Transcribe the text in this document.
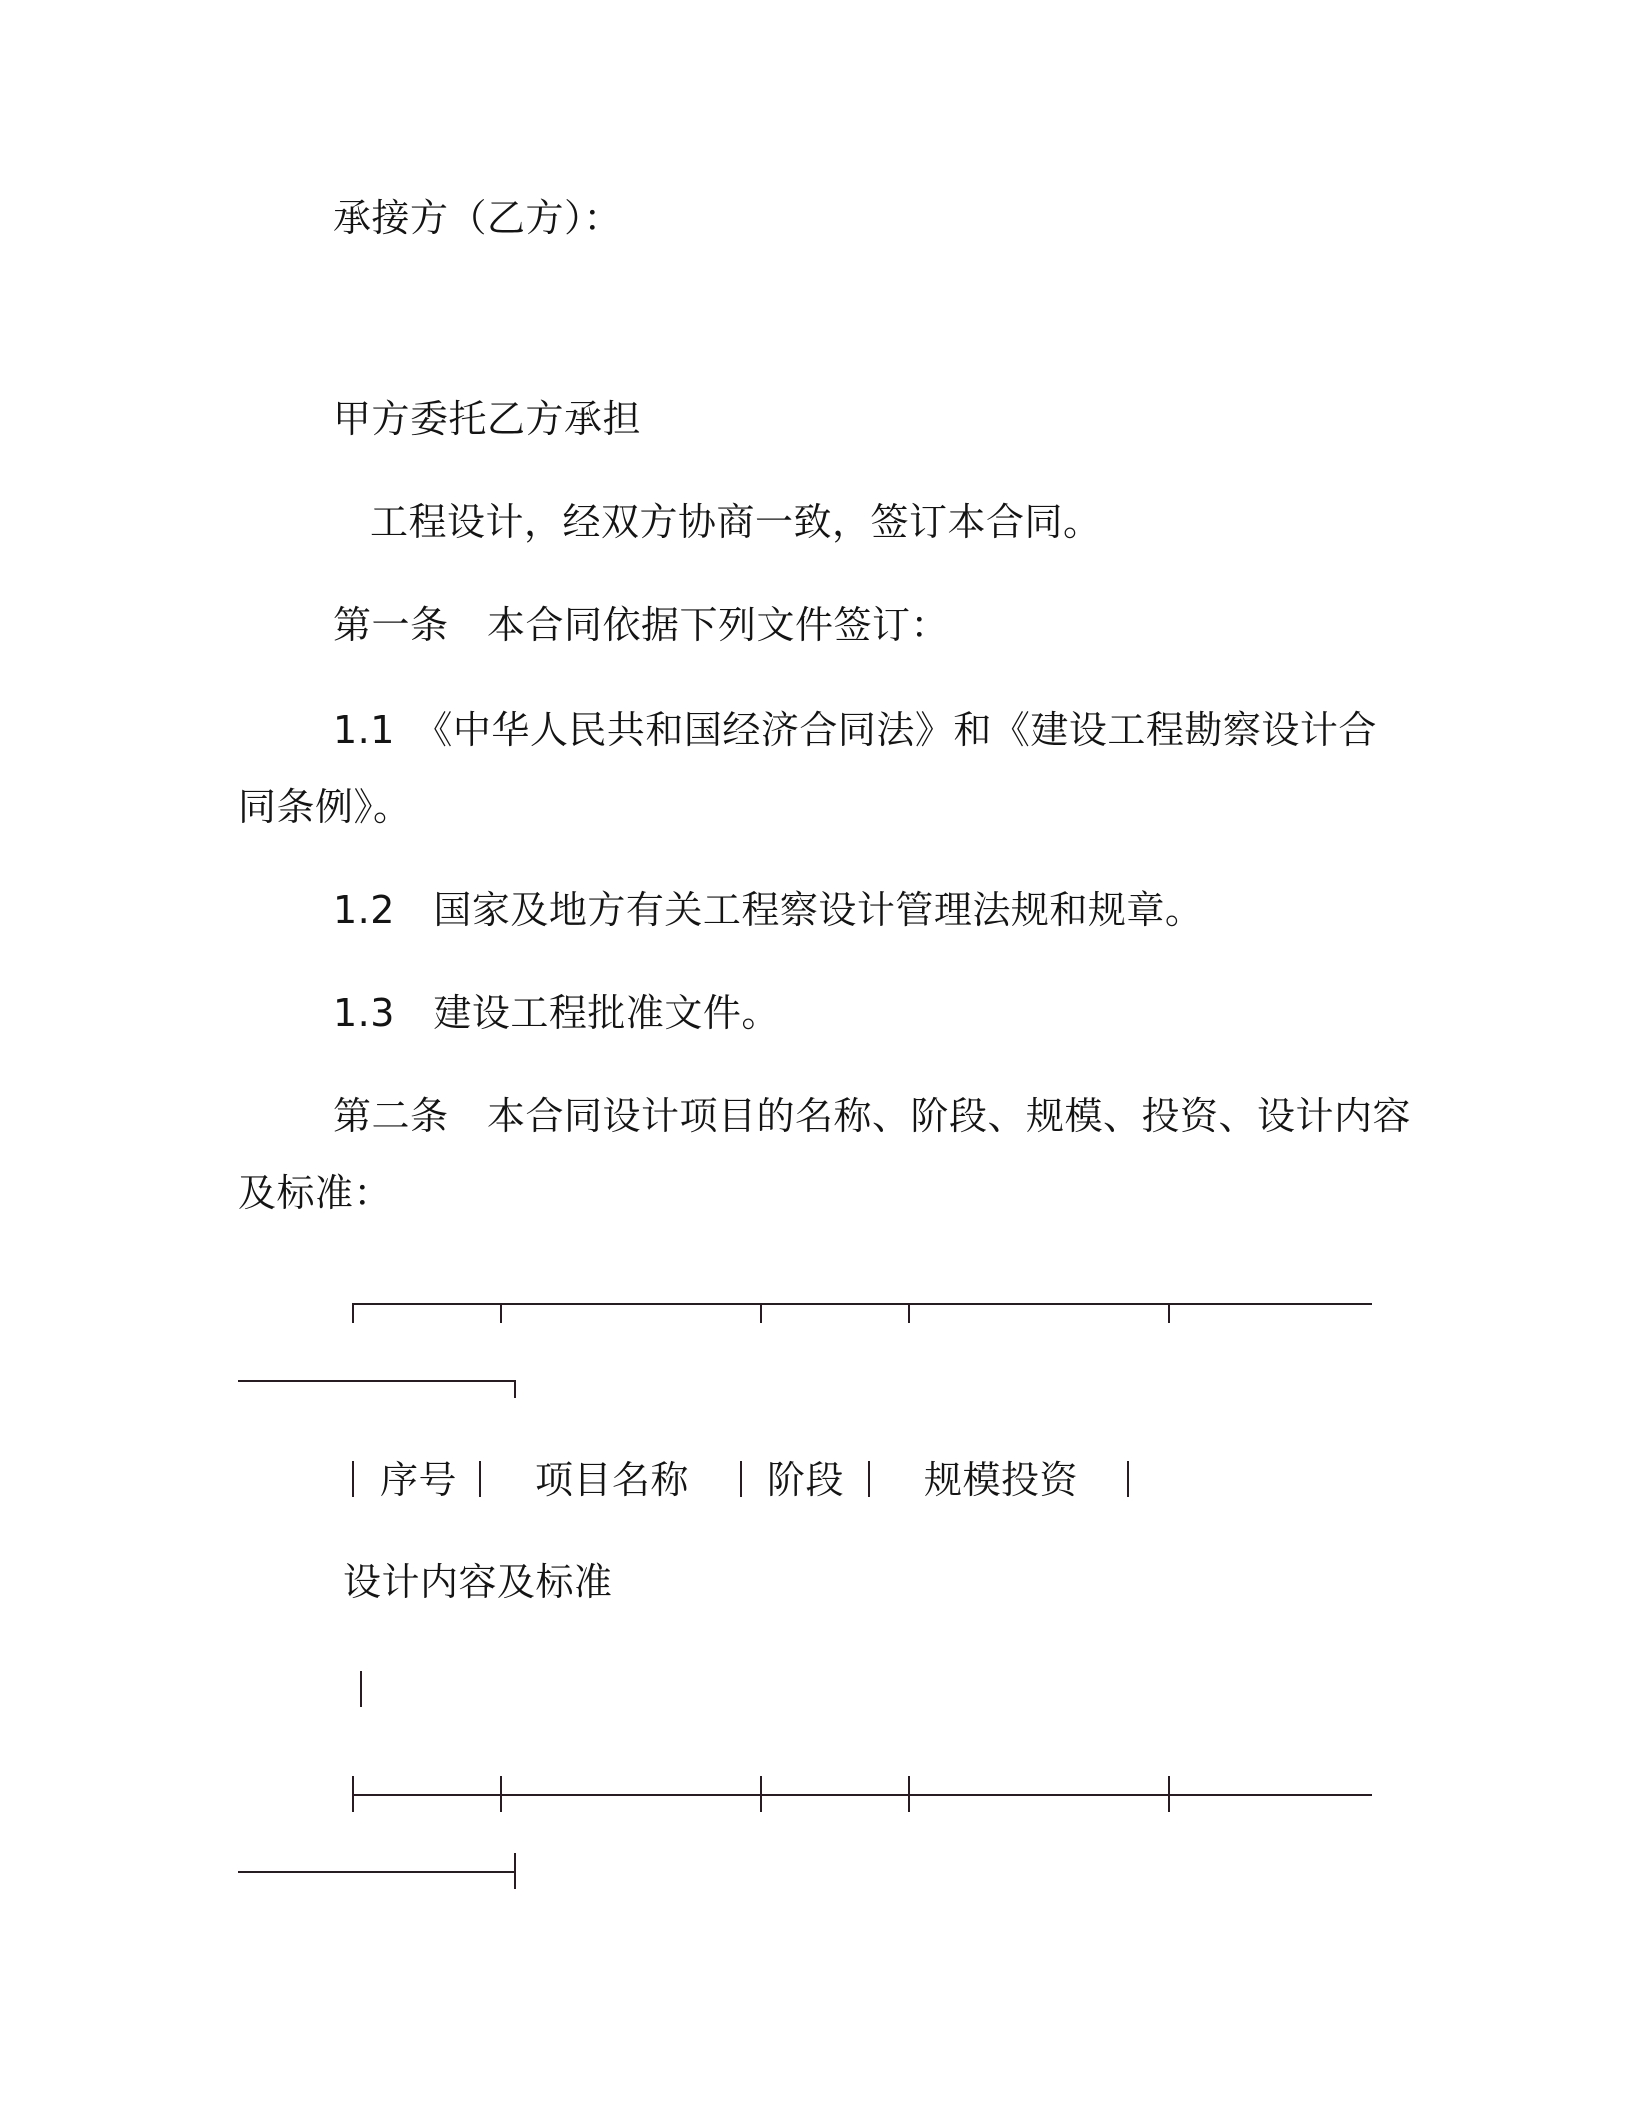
承接方（乙方）：
甲方委托乙方承担
工程设计，经双方协商一致，签订本合同。
第一条　本合同依据下列文件签订：
1.1　《中华人民共和国经济合同法》和《建设工程勘察设计合
同条例》。
1.2　国家及地方有关工程察设计管理法规和规章。
1.3　建设工程批准文件。
第二条　本合同设计项目的名称、阶段、规模、投资、设计内容
及标准：
序号 项目名称 阶段 规模投资
设计内容及标准
